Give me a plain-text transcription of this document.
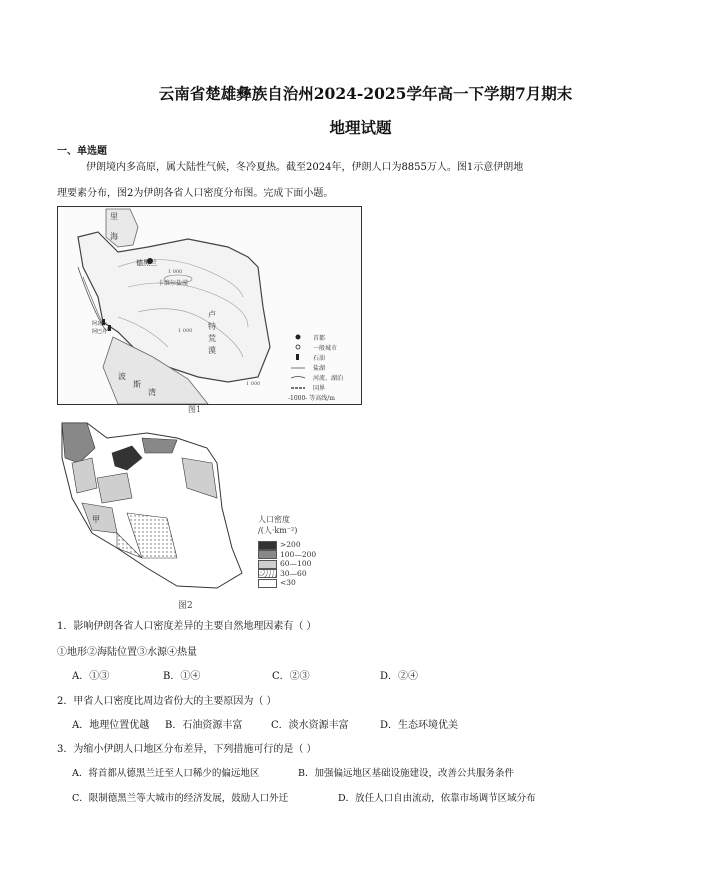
云南省楚雄彝族自治州2024-2025学年高一下学期7月期末
地理试题
一、单选题
伊朗境内多高原，属大陆性气候，冬冷夏热。截至2024年，伊朗人口为8855万人。图1示意伊朗地
理要素分布，图2为伊朗各省人口密度分布图。完成下面小题。
里
海
德黑兰
卡维尔盐漠
卢
特
荒
漠
波
斯
湾
1 000
1 000
1 000
阿瓦士
阿巴丹
首都
一般城市
石油
盐湖
河流、湖泊
国界
-1000- 等高线/m
图1
甲	人口密度
/(人·km⁻²)
>200
100—200
60—100
30—60
<30
图2
1．影响伊朗各省人口密度差异的主要自然地理因素有（ ）
①地形②海陆位置③水源④热量
A．①③	B．①④	C．②③	D．②④
2．甲省人口密度比周边省份大的主要原因为（ ）
A．地理位置优越 B．石油资源丰富	C．淡水资源丰富	D．生态环境优美
3．为缩小伊朗人口地区分布差异，下列措施可行的是（ ）
A．将首都从德黑兰迁至人口稀少的偏远地区	B．加强偏远地区基础设施建设，改善公共服务条件
C．限制德黑兰等大城市的经济发展，鼓励人口外迁	D．放任人口自由流动，依靠市场调节区域分布
